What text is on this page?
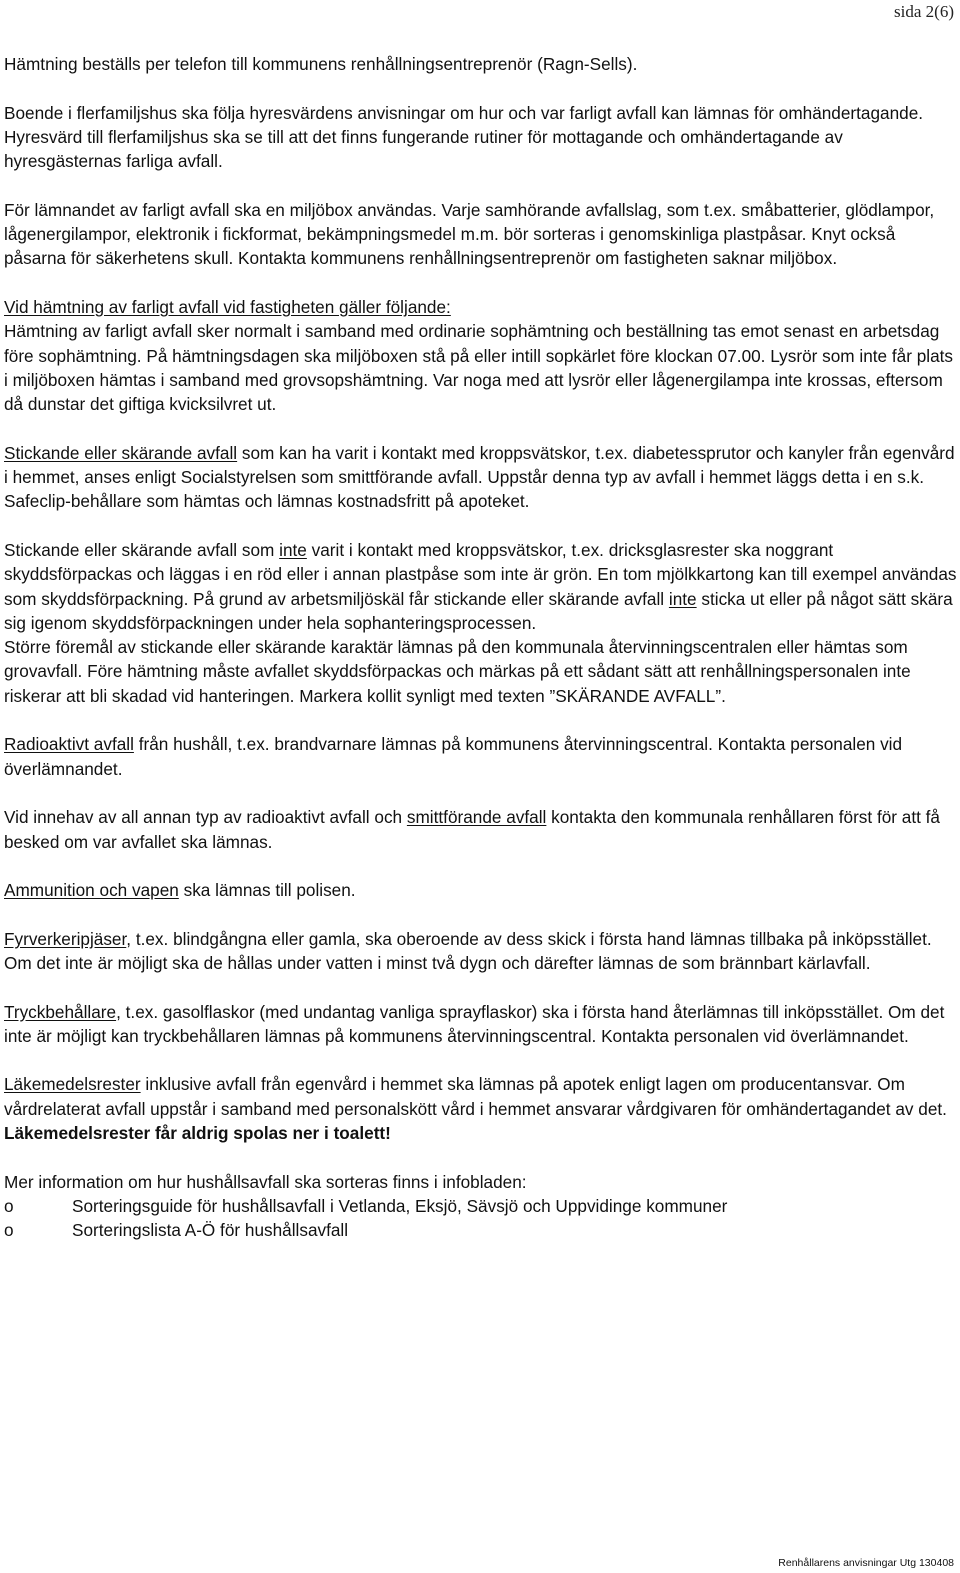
sida 2(6)

Hämtning beställs per telefon till kommunens renhållningsentreprenör (Ragn-Sells).

Boende i flerfamiljshus ska följa hyresvärdens anvisningar om hur och var farligt avfall kan lämnas för omhändertagande. Hyresvärd till flerfamiljshus ska se till att det finns fungerande rutiner för mottagande och omhändertagande av hyresgästernas farliga avfall.

För lämnandet av farligt avfall ska en miljöbox användas. Varje samhörande avfallslag, som t.ex. småbatterier, glödlampor, lågenergilampor, elektronik i fickformat, bekämpningsmedel m.m. bör sorteras i genomskinliga plastpåsar. Knyt också påsarna för säkerhetens skull. Kontakta kommunens renhållningsentreprenör om fastigheten saknar miljöbox.

Vid hämtning av farligt avfall vid fastigheten gäller följande:
Hämtning av farligt avfall sker normalt i samband med ordinarie sophämtning och beställning tas emot senast en arbetsdag före sophämtning. På hämtningsdagen ska miljöboxen stå på eller intill sopkärlet före klockan 07.00. Lysrör som inte får plats i miljöboxen hämtas i samband med grovsopshämtning. Var noga med att lysrör eller lågenergilampa inte krossas, eftersom då dunstar det giftiga kvicksilvret ut.

Stickande eller skärande avfall som kan ha varit i kontakt med kroppsvätskor, t.ex. diabetessprutor och kanyler från egenvård i hemmet, anses enligt Socialstyrelsen som smittförande avfall. Uppstår denna typ av avfall i hemmet läggs detta i en s.k. Safeclip-behållare som hämtas och lämnas kostnadsfritt på apoteket.

Stickande eller skärande avfall som inte varit i kontakt med kroppsvätskor, t.ex. dricksglasrester ska noggrant skyddsförpackas och läggas i en röd eller i annan plastpåse som inte är grön. En tom mjölkkartong kan till exempel användas som skyddsförpackning. På grund av arbetsmiljöskäl får stickande eller skärande avfall inte sticka ut eller på något sätt skära sig igenom skyddsförpackningen under hela sophanteringsprocessen.

Större föremål av stickande eller skärande karaktär lämnas på den kommunala återvinningscentralen eller hämtas som grovavfall. Före hämtning måste avfallet skyddsförpackas och märkas på ett sådant sätt att renhållningspersonalen inte riskerar att bli skadad vid hanteringen. Markera kollit synligt med texten ”SKÄRANDE AVFALL”.

Radioaktivt avfall från hushåll, t.ex. brandvarnare lämnas på kommunens återvinningscentral. Kontakta personalen vid överlämnandet.

Vid innehav av all annan typ av radioaktivt avfall och smittförande avfall kontakta den kommunala renhållaren först för att få besked om var avfallet ska lämnas.

Ammunition och vapen ska lämnas till polisen.

Fyrverkeripjäser, t.ex. blindgångna eller gamla, ska oberoende av dess skick i första hand lämnas tillbaka på inköpsstället. Om det inte är möjligt ska de hållas under vatten i minst två dygn och därefter lämnas de som brännbart kärlavfall.

Tryckbehållare, t.ex. gasolflaskor (med undantag vanliga sprayflaskor) ska i första hand återlämnas till inköpsstället. Om det inte är möjligt kan tryckbehållaren lämnas på kommunens återvinningscentral. Kontakta personalen vid överlämnandet.

Läkemedelsrester inklusive avfall från egenvård i hemmet ska lämnas på apotek enligt lagen om producentansvar. Om vårdrelaterat avfall uppstår i samband med personalskött vård i hemmet ansvarar vårdgivaren för omhändertagandet av det. Läkemedelsrester får aldrig spolas ner i toalett!

Mer information om hur hushållsavfall ska sorteras finns i infobladen:

o	Sorteringsguide för hushållsavfall i Vetlanda, Eksjö, Sävsjö och Uppvidinge kommuner
o	Sorteringslista A-Ö för hushållsavfall
Renhållarens anvisningar Utg 130408
